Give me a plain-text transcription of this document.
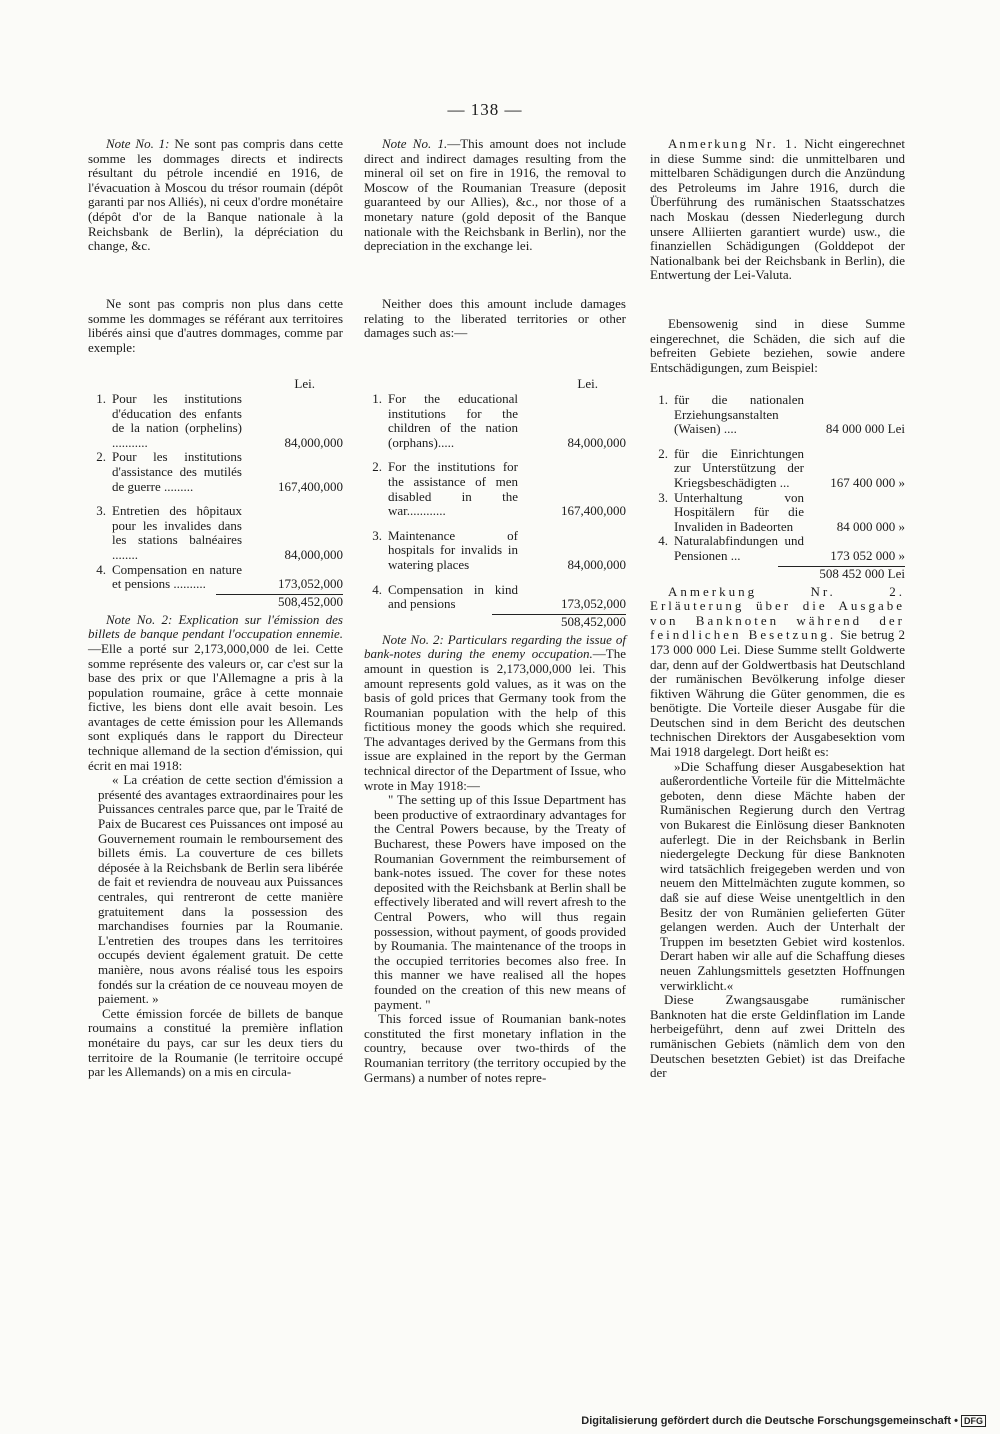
— 138 —

Note No. 1: Ne sont pas compris dans cette somme les dommages directs et indirects résultant du pétrole incendié en 1916, de l'évacuation à Moscou du trésor roumain (dépôt garanti par nos Alliés), ni ceux d'ordre monétaire (dépôt d'or de la Banque nationale à la Reichsbank de Berlin), la dépréciation du change, &c.

Ne sont pas compris non plus dans cette somme les dommages se référant aux territoires libérés ainsi que d'autres dommages, comme par exemple:

Lei.
1.	Pour les institutions d'éducation des enfants de la nation (orphelins) ...........	84,000,000
2.	Pour les institutions d'assistance des mutilés de guerre .........	167,400,000

3.	Entretien des hôpitaux pour les invalides dans les stations balnéaires ........	84,000,000
4.	Compensation en nature et pensions ..........	173,052,000
508,452,000

Note No. 2: Explication sur l'émission des billets de banque pendant l'occupation ennemie.—Elle a porté sur 2,173,000,000 de lei. Cette somme représente des valeurs or, car c'est sur la base des prix or que l'Allemagne a pris à la population roumaine, grâce à cette monnaie fictive, les biens dont elle avait besoin. Les avantages de cette émission pour les Allemands sont expliqués dans le rapport du Directeur technique allemand de la section d'émission, qui écrit en mai 1918:

« La création de cette section d'émission a présenté des avantages extraordinaires pour les Puissances centrales parce que, par le Traité de Paix de Bucarest ces Puissances ont imposé au Gouvernement roumain le remboursement des billets émis. La couverture de ces billets déposée à la Reichsbank de Berlin sera libérée de fait et reviendra de nouveau aux Puissances centrales, qui rentreront de cette manière gratuitement dans la possession des marchandises fournies par la Roumanie. L'entretien des troupes dans les territoires occupés devient également gratuit. De cette manière, nous avons réalisé tous les espoirs fondés sur la création de ce nouveau moyen de paiement. »

Cette émission forcée de billets de banque roumains a constitué la première inflation monétaire du pays, car sur les deux tiers du territoire de la Roumanie (le territoire occupé par les Allemands) on a mis en circula-

Note No. 1.—This amount does not include direct and indirect damages resulting from the mineral oil set on fire in 1916, the removal to Moscow of the Roumanian Treasure (deposit guaranteed by our Allies), &c., nor those of a monetary nature (gold deposit of the Banque nationale with the Reichsbank in Berlin), nor the depreciation in the exchange lei.

Neither does this amount include damages relating to the liberated territories or other damages such as:—

Lei.
1.	For the educational institutions for the children of the nation (orphans).....	84,000,000

2.	For the institutions for the assistance of men disabled in the war............	167,400,000

3.	Maintenance of hospitals for invalids in watering places	84,000,000

4.	Compensation in kind and pensions	173,052,000
508,452,000

Note No. 2: Particulars regarding the issue of bank-notes during the enemy occupation.—The amount in question is 2,173,000,000 lei. This amount represents gold values, as it was on the basis of gold prices that Germany took from the Roumanian population with the help of this fictitious money the goods which she required. The advantages derived by the Germans from this issue are explained in the report by the German technical director of the Department of Issue, who wrote in May 1918:—

" The setting up of this Issue Department has been productive of extraordinary advantages for the Central Powers because, by the Treaty of Bucharest, these Powers have imposed on the Roumanian Government the reimbursement of bank-notes issued. The cover for these notes deposited with the Reichsbank at Berlin shall be effectively liberated and will revert afresh to the Central Powers, who will thus regain possession, without payment, of goods provided by Roumania. The maintenance of the troops in the occupied territories becomes also free. In this manner we have realised all the hopes founded on the creation of this new means of payment. "

This forced issue of Roumanian bank-notes constituted the first monetary inflation in the country, because over two-thirds of the Roumanian territory (the territory occupied by the Germans) a number of notes repre-

Anmerkung Nr. 1. Nicht eingerechnet in diese Summe sind: die unmittelbaren und mittelbaren Schädigungen durch die Anzündung des Petroleums im Jahre 1916, durch die Überführung des rumänischen Staatsschatzes nach Moskau (dessen Niederlegung durch unsere Alliierten garantiert wurde) usw., die finanziellen Schädigungen (Golddepot der Nationalbank bei der Reichsbank in Berlin), die Entwertung der Lei-Valuta.

Ebensowenig sind in diese Summe eingerechnet, die Schäden, die sich auf die befreiten Gebiete beziehen, sowie andere Entschädigungen, zum Beispiel:

1.	für die nationalen Erziehungsanstalten (Waisen) ....	84 000 000 Lei

2.	für die Einrichtungen zur Unterstützung der Kriegsbeschädigten ...	167 400 000 »
3.	Unterhaltung von Hospitälern für die Invaliden in Badeorten	84 000 000 »
4.	Naturalabfindungen und Pensionen ...	173 052 000 »
508 452 000 Lei

Anmerkung Nr. 2. Erläuterung über die Ausgabe von Banknoten während der feindlichen Besetzung. Sie betrug 2 173 000 000 Lei. Diese Summe stellt Goldwerte dar, denn auf der Goldwertbasis hat Deutschland der rumänischen Bevölkerung infolge dieser fiktiven Währung die Güter genommen, die es benötigte. Die Vorteile dieser Ausgabe für die Deutschen sind in dem Bericht des deutschen technischen Direktors der Ausgabesektion vom Mai 1918 dargelegt. Dort heißt es:

»Die Schaffung dieser Ausgabesektion hat außerordentliche Vorteile für die Mittelmächte geboten, denn diese Mächte haben der Rumänischen Regierung durch den Vertrag von Bukarest die Einlösung dieser Banknoten auferlegt. Die in der Reichsbank in Berlin niedergelegte Deckung für diese Banknoten wird tatsächlich freigegeben werden und von neuem den Mittelmächten zugute kommen, so daß sie auf diese Weise unentgeltlich in den Besitz der von Rumänien gelieferten Güter gelangen werden. Auch der Unterhalt der Truppen im besetzten Gebiet wird kostenlos. Derart haben wir alle auf die Schaffung dieses neuen Zahlungsmittels gesetzten Hoffnungen verwirklicht.«

Diese Zwangsausgabe rumänischer Banknoten hat die erste Geldinflation im Lande herbeigeführt, denn auf zwei Dritteln des rumänischen Gebiets (nämlich dem von den Deutschen besetzten Gebiet) ist das Dreifache der

Digitalisierung gefördert durch die Deutsche Forschungsgemeinschaft • DFG
